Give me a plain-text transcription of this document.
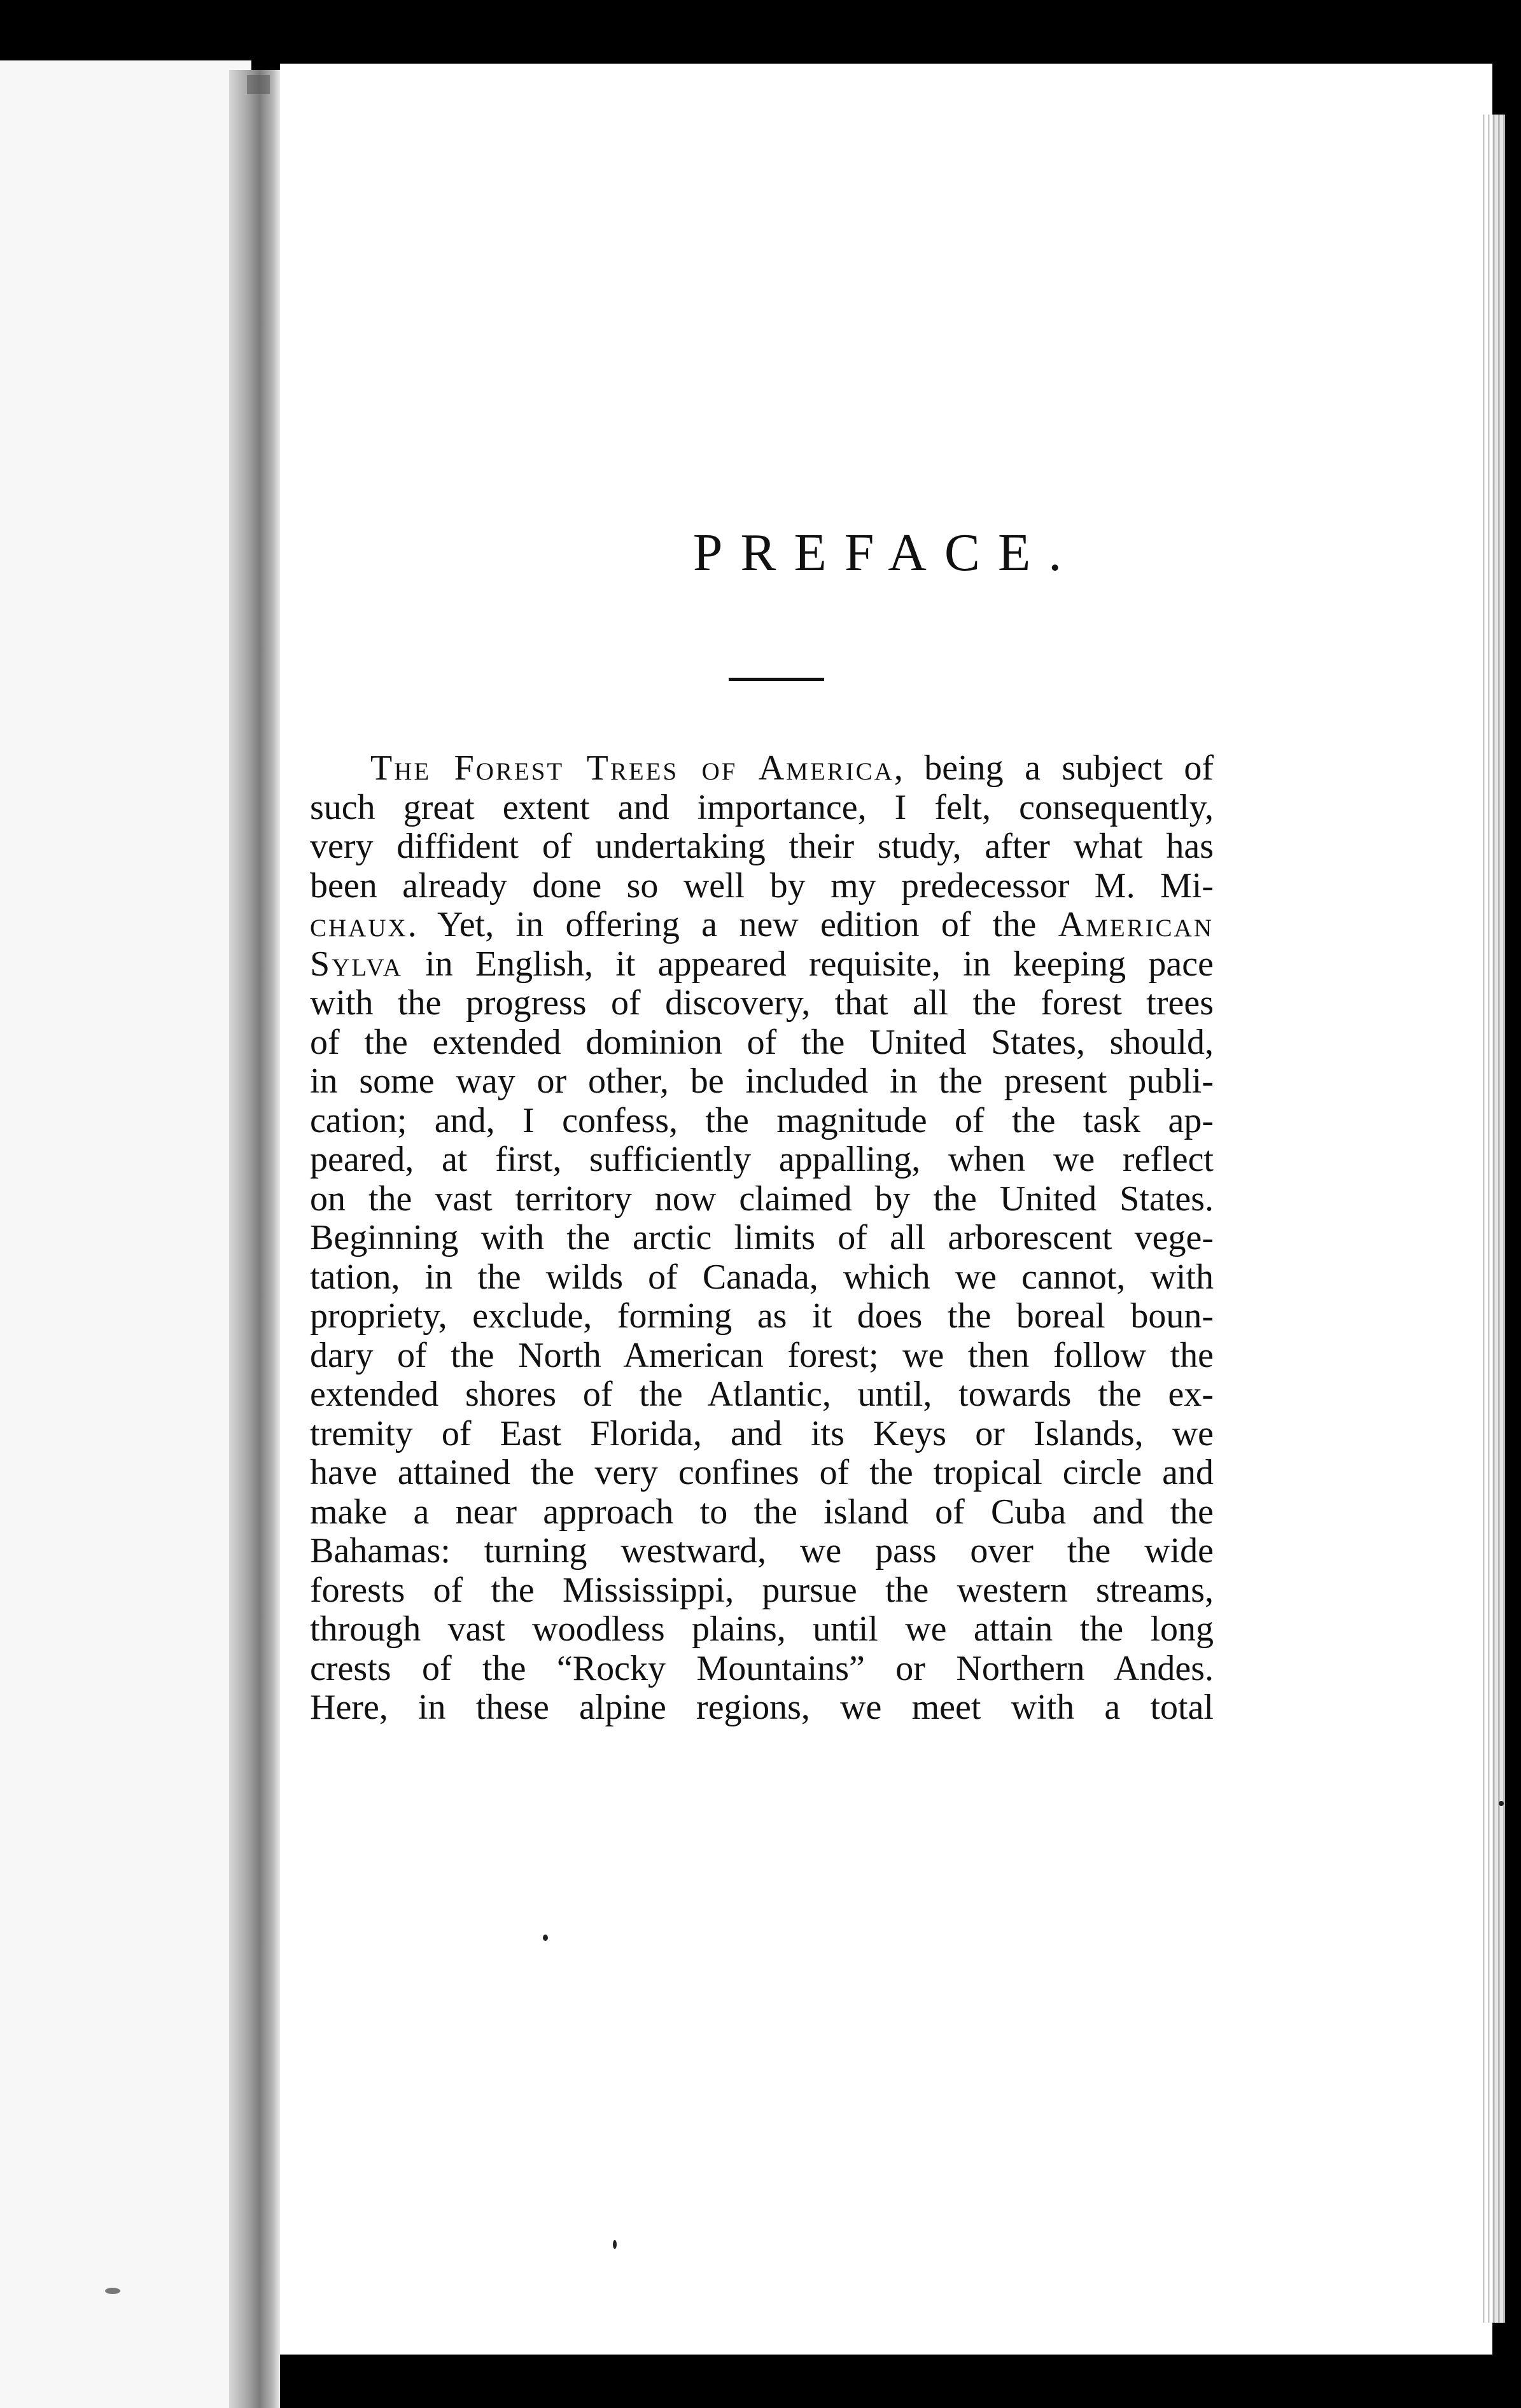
PREFACE.
The Forest Trees of America, being a subject of
such great extent and importance, I felt, consequently,
very diffident of undertaking their study, after what has
been already done so well by my predecessor M. Mi-
chaux. Yet, in offering a new edition of the American
Sylva in English, it appeared requisite, in keeping pace
with the progress of discovery, that all the forest trees
of the extended dominion of the United States, should,
in some way or other, be included in the present publi-
cation; and, I confess, the magnitude of the task ap-
peared, at first, sufficiently appalling, when we reflect
on the vast territory now claimed by the United States.
Beginning with the arctic limits of all arborescent vege-
tation, in the wilds of Canada, which we cannot, with
propriety, exclude, forming as it does the boreal boun-
dary of the North American forest; we then follow the
extended shores of the Atlantic, until, towards the ex-
tremity of East Florida, and its Keys or Islands, we
have attained the very confines of the tropical circle and
make a near approach to the island of Cuba and the
Bahamas: turning westward, we pass over the wide
forests of the Mississippi, pursue the western streams,
through vast woodless plains, until we attain the long
crests of the “Rocky Mountains” or Northern Andes.
Here, in these alpine regions, we meet with a total
